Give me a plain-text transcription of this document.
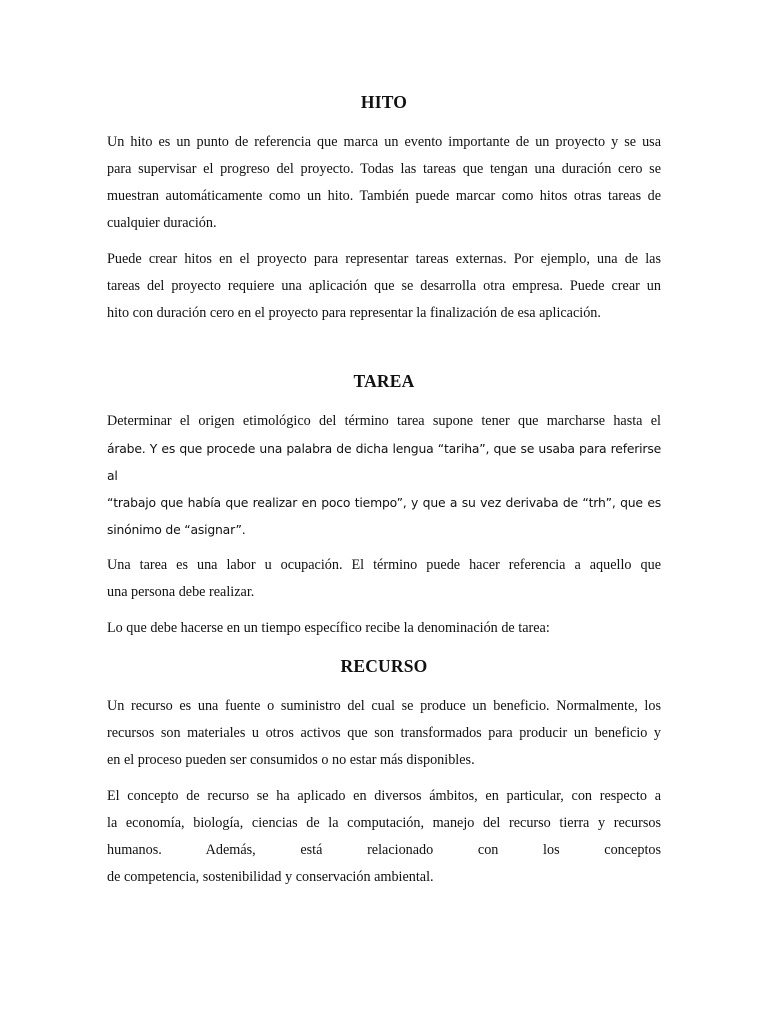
HITO

Un hito es un punto de referencia que marca un evento importante de un proyecto y se usa
para supervisar el progreso del proyecto. Todas las tareas que tengan una duración cero se
muestran automáticamente como un hito. También puede marcar como hitos otras tareas de
cualquier duración.

Puede crear hitos en el proyecto para representar tareas externas. Por ejemplo, una de las
tareas del proyecto requiere una aplicación que se desarrolla otra empresa. Puede crear un
hito con duración cero en el proyecto para representar la finalización de esa aplicación.

TAREA

Determinar el origen etimológico del término tarea supone tener que marcharse hasta el
árabe. Y es que procede una palabra de dicha lengua “tariha”, que se usaba para referirse al
“trabajo que había que realizar en poco tiempo”, y que a su vez derivaba de “trh”, que es
sinónimo de “asignar”.

Una tarea es una labor u ocupación. El término puede hacer referencia a aquello que
una persona debe realizar.

Lo que debe hacerse en un tiempo específico recibe la denominación de tarea:

RECURSO

Un recurso es una fuente o suministro del cual se produce un beneficio. Normalmente, los
recursos son materiales u otros activos que son transformados para producir un beneficio y
en el proceso pueden ser consumidos o no estar más disponibles.

El concepto de recurso se ha aplicado en diversos ámbitos, en particular, con respecto a
la economía, biología, ciencias de la computación, manejo del recurso tierra y recursos
humanos. Además, está relacionado con los conceptos
de competencia, sostenibilidad y conservación ambiental.
